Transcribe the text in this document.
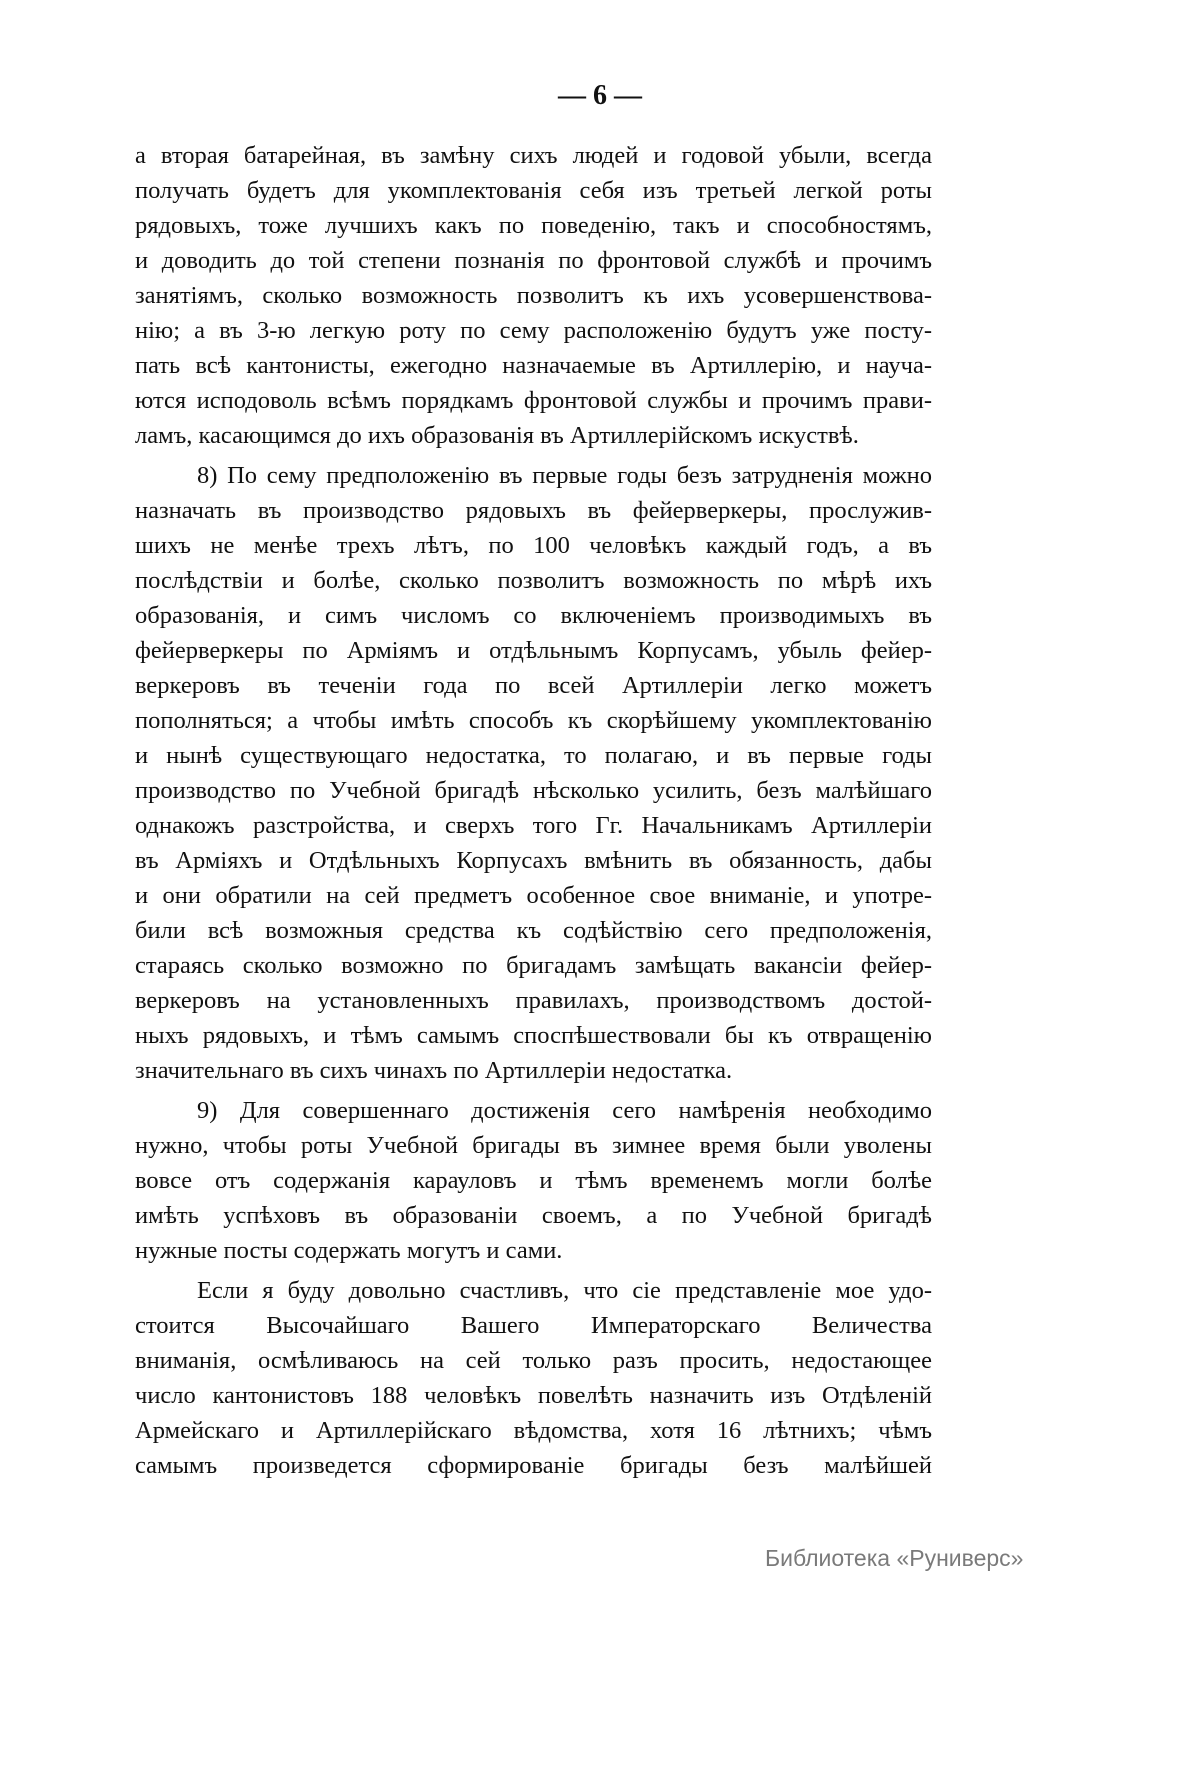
— 6 —
а вторая батарейная, въ замѣну сихъ людей и годовой убыли, всегда
получать будетъ для укомплектованія себя изъ третьей легкой роты
рядовыхъ, тоже лучшихъ какъ по поведенію, такъ и способностямъ,
и доводить до той степени познанія по фронтовой службѣ и прочимъ
занятіямъ, сколько возможность позволитъ къ ихъ усовершенствова-
нію; а въ 3-ю легкую роту по сему расположенію будутъ уже посту-
пать всѣ кантонисты, ежегодно назначаемые въ Артиллерію, и научa-
ются исподоволь всѣмъ порядкамъ фронтовой службы и прочимъ прави-
ламъ, касающимся до ихъ образованія въ Артиллерійскомъ искуствѣ.
8) По сему предположенію въ первые годы безъ затрудненія можно
назначать въ производство рядовыхъ въ фейерверкеры, прослужив-
шихъ не менѣе трехъ лѣтъ, по 100 человѣкъ каждый годъ, а въ
послѣдствіи и болѣе, сколько позволитъ возможность по мѣрѣ ихъ
образованія, и симъ числомъ со включеніемъ производимыхъ въ
фейерверкеры по Арміямъ и отдѣльнымъ Корпусамъ, убыль фейер-
веркеровъ въ теченіи года по всей Артиллеріи легко можетъ
пополняться; а чтобы имѣть способъ къ скорѣйшему укомплектованію
и нынѣ существующаго недостатка, то полагаю, и въ первые годы
производство по Учебной бригадѣ нѣсколько усилить, безъ малѣйшаго
однакожъ разстройства, и сверхъ того Гг. Начальникамъ Артиллеріи
въ Арміяхъ и Отдѣльныхъ Корпусахъ вмѣнить въ обязанность, дабы
и они обратили на сей предметъ особенное свое вниманіе, и употре-
били всѣ возможныя средства къ содѣйствію сего предположенія,
стараясь сколько возможно по бригадамъ замѣщать вакансіи фейер-
веркеровъ на установленныхъ правилахъ, производствомъ достой-
ныхъ рядовыхъ, и тѣмъ самымъ споспѣшествовали бы къ отвращенію
значительнаго въ сихъ чинахъ по Артиллеріи недостатка.
9) Для совершеннаго достиженія сего намѣренія необходимо
нужно, чтобы роты Учебной бригады въ зимнее время были уволены
вовсе отъ содержанія карауловъ и тѣмъ временемъ могли болѣе
имѣть успѣховъ въ образованіи своемъ, а по Учебной бригадѣ
нужные посты содержать могутъ и сами.
Если я буду довольно счастливъ, что сіе представленіе мое удо-
стоится Высочайшаго Вашего Императорскаго Величества
вниманія, осмѣливаюсь на сей только разъ просить, недостающее
число кантонистовъ 188 человѣкъ повелѣть назначить изъ Отдѣленій
Армейскаго и Артиллерійскаго вѣдомства, хотя 16 лѣтнихъ; чѣмъ
самымъ произведется сформированіе бригады безъ малѣйшей
Библиотека «Руниверс»
